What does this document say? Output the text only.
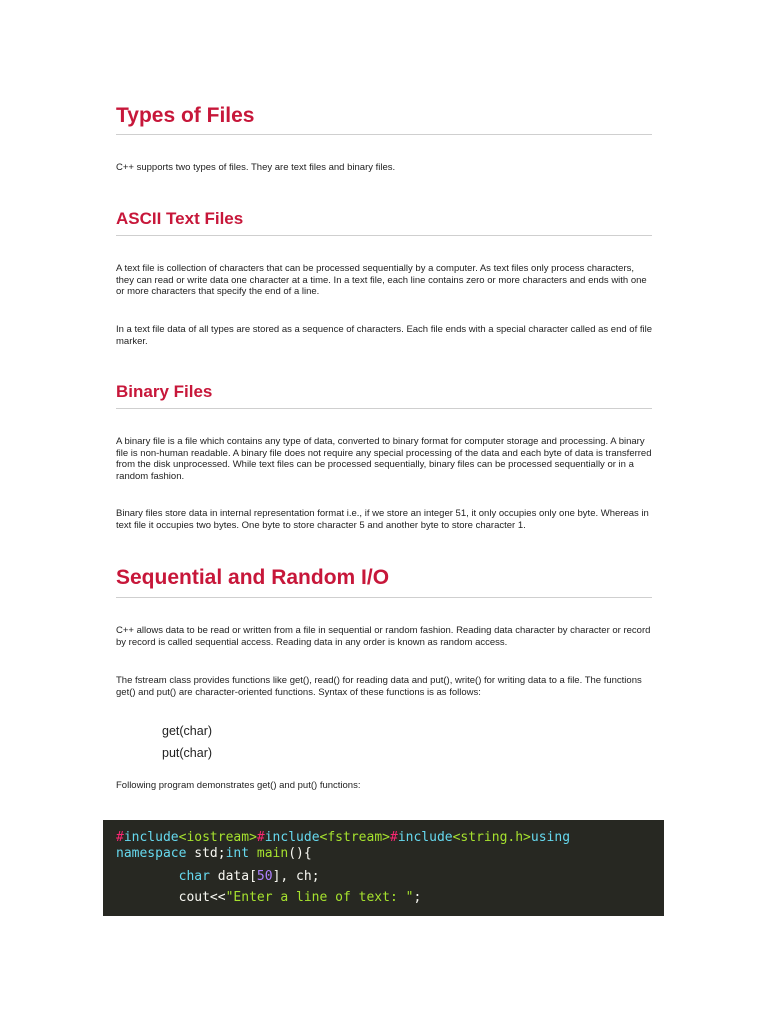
Types of Files

C++ supports two types of files. They are text files and binary files.

ASCII Text Files

A text file is collection of characters that can be processed sequentially by a computer. As text files only process characters, they can read or write data one character at a time. In a text file, each line contains zero or more characters and ends with one or more characters that specify the end of a line.

In a text file data of all types are stored as a sequence of characters. Each file ends with a special character called as end of file marker.

Binary Files

A binary file is a file which contains any type of data, converted to binary format for computer storage and processing. A binary file is non-human readable. A binary file does not require any special processing of the data and each byte of data is transferred from the disk unprocessed. While text files can be processed sequentially, binary files can be processed sequentially or in a random fashion.

Binary files store data in internal representation format i.e., if we store an integer 51, it only occupies only one byte. Whereas in text file it occupies two bytes. One byte to store character 5 and another byte to store character 1.

Sequential and Random I/O

C++ allows data to be read or written from a file in sequential or random fashion. Reading data character by character or record by record is called sequential access. Reading data in any order is known as random access.

The fstream class provides functions like get(), read() for reading data and put(), write() for writing data to a file. The functions get() and put() are character-oriented functions. Syntax of these functions is as follows:

get(char)

put(char)

Following program demonstrates get() and put() functions:

#include<iostream>#include<fstream>#include<string.h>using
namespace std;int main(){
char data[50], ch;
cout<<"Enter a line of text: ";
